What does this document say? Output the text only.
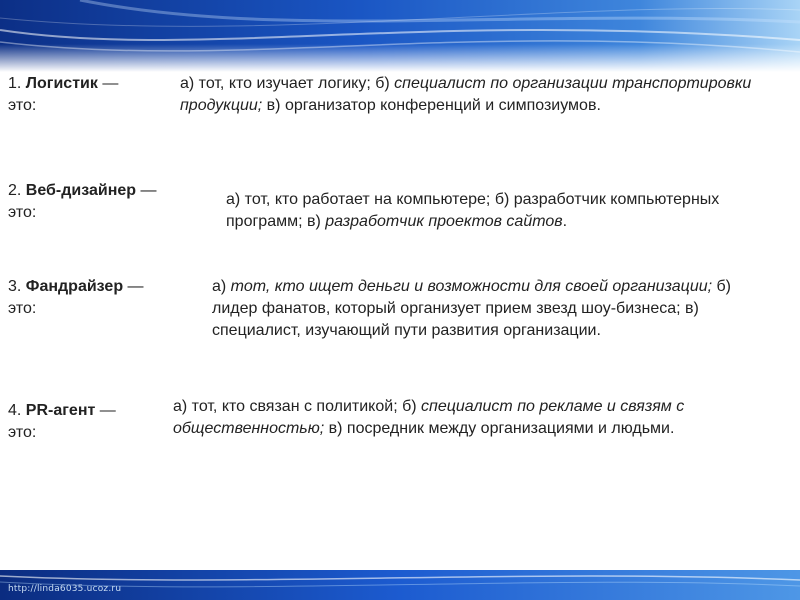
1. Логистик —
это:
а) тот, кто изучает логику; б) специалист по организации транспортировки продукции; в) организатор конференций и симпозиумов.
2. Веб-дизайнер —
это:
а) тот, кто работает на компьютере; б) разработчик компьютерных программ; в) разработчик проектов сайтов.
3. Фандрайзер —
это:
а) тот, кто ищет деньги и возможности для своей организации; б) лидер фанатов, который организует прием звезд шоу-бизнеса; в) специалист, изучающий пути развития организации.
4. PR-агент —
это:
а) тот, кто связан с политикой; б) специалист по рекламе и связям с общественностью; в) посредник между организациями и людьми.
http://linda6035.ucoz.ru
